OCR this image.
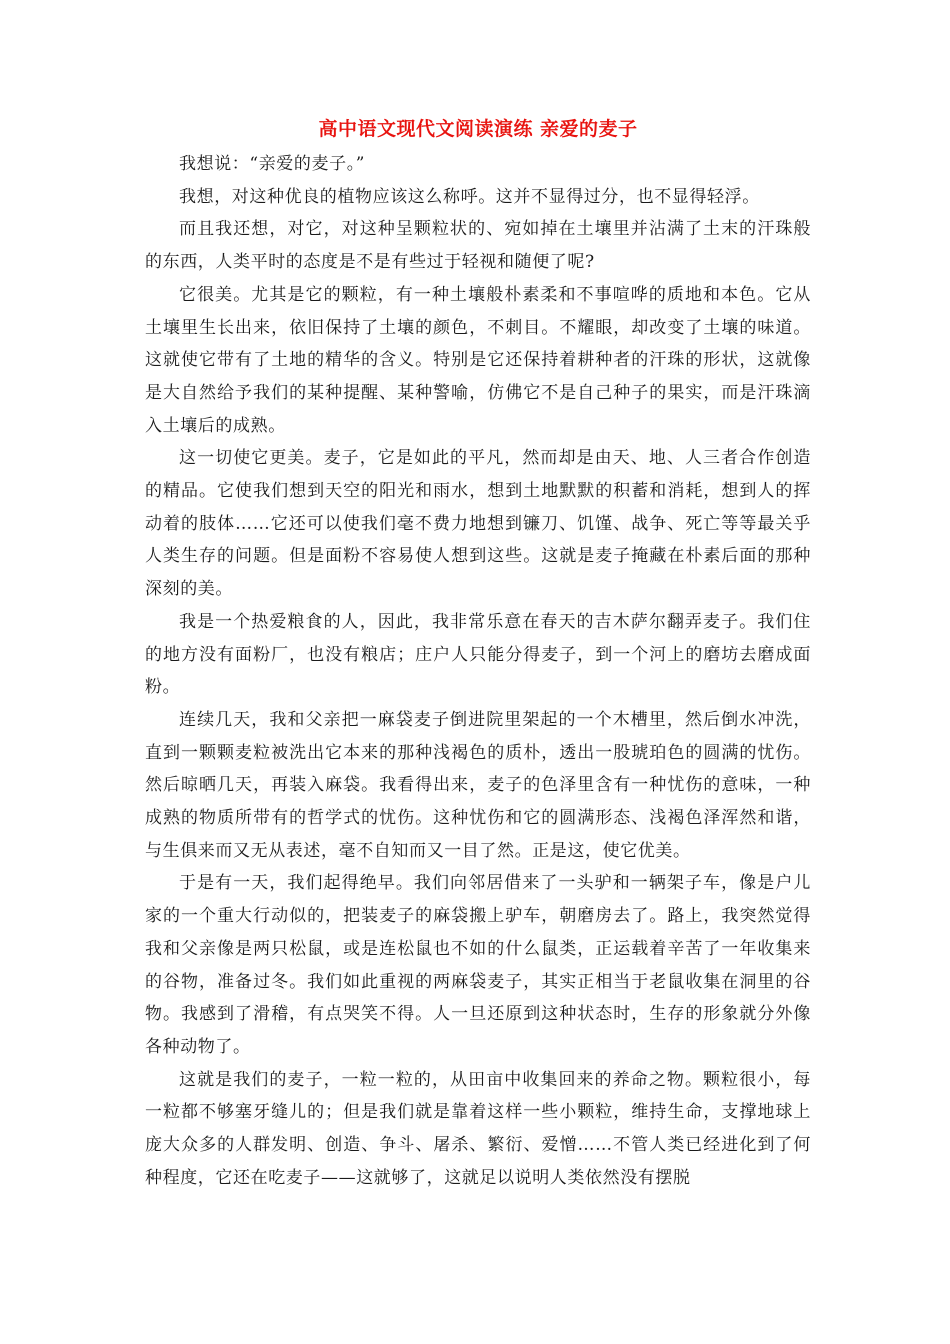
高中语文现代文阅读演练 亲爱的麦子

我想说：“亲爱的麦子。”

我想，对这种优良的植物应该这么称呼。这并不显得过分，也不显得轻浮。

而且我还想，对它，对这种呈颗粒状的、宛如掉在土壤里并沾满了土末的汗珠般的东西，人类平时的态度是不是有些过于轻视和随便了呢?

它很美。尤其是它的颗粒，有一种土壤般朴素柔和不事喧哗的质地和本色。它从土壤里生长出来，依旧保持了土壤的颜色，不刺目。不耀眼，却改变了土壤的味道。这就使它带有了土地的精华的含义。特别是它还保持着耕种者的汗珠的形状，这就像是大自然给予我们的某种提醒、某种警喻，仿佛它不是自己种子的果实，而是汗珠滴入土壤后的成熟。

这一切使它更美。麦子，它是如此的平凡，然而却是由天、地、人三者合作创造的精品。它使我们想到天空的阳光和雨水，想到土地默默的积蓄和消耗，想到人的挥动着的肢体……它还可以使我们毫不费力地想到镰刀、饥馑、战争、死亡等等最关乎人类生存的问题。但是面粉不容易使人想到这些。这就是麦子掩藏在朴素后面的那种深刻的美。

我是一个热爱粮食的人，因此，我非常乐意在春天的吉木萨尔翻弄麦子。我们住的地方没有面粉厂，也没有粮店；庄户人只能分得麦子，到一个河上的磨坊去磨成面粉。

连续几天，我和父亲把一麻袋麦子倒进院里架起的一个木槽里，然后倒水冲洗，直到一颗颗麦粒被洗出它本来的那种浅褐色的质朴，透出一股琥珀色的圆满的忧伤。然后晾晒几天，再装入麻袋。我看得出来，麦子的色泽里含有一种忧伤的意味，一种成熟的物质所带有的哲学式的忧伤。这种忧伤和它的圆满形态、浅褐色泽浑然和谐，与生俱来而又无从表述，毫不自知而又一目了然。正是这，使它优美。

于是有一天，我们起得绝早。我们向邻居借来了一头驴和一辆架子车，像是户儿家的一个重大行动似的，把装麦子的麻袋搬上驴车，朝磨房去了。路上，我突然觉得我和父亲像是两只松鼠，或是连松鼠也不如的什么鼠类，正运载着辛苦了一年收集来的谷物，准备过冬。我们如此重视的两麻袋麦子，其实正相当于老鼠收集在洞里的谷物。我感到了滑稽，有点哭笑不得。人一旦还原到这种状态时，生存的形象就分外像各种动物了。

这就是我们的麦子，一粒一粒的，从田亩中收集回来的养命之物。颗粒很小，每一粒都不够塞牙缝儿的；但是我们就是靠着这样一些小颗粒，维持生命，支撑地球上庞大众多的人群发明、创造、争斗、屠杀、繁衍、爱憎……不管人类已经进化到了何种程度，它还在吃麦子——这就够了，这就足以说明人类依然没有摆脱
